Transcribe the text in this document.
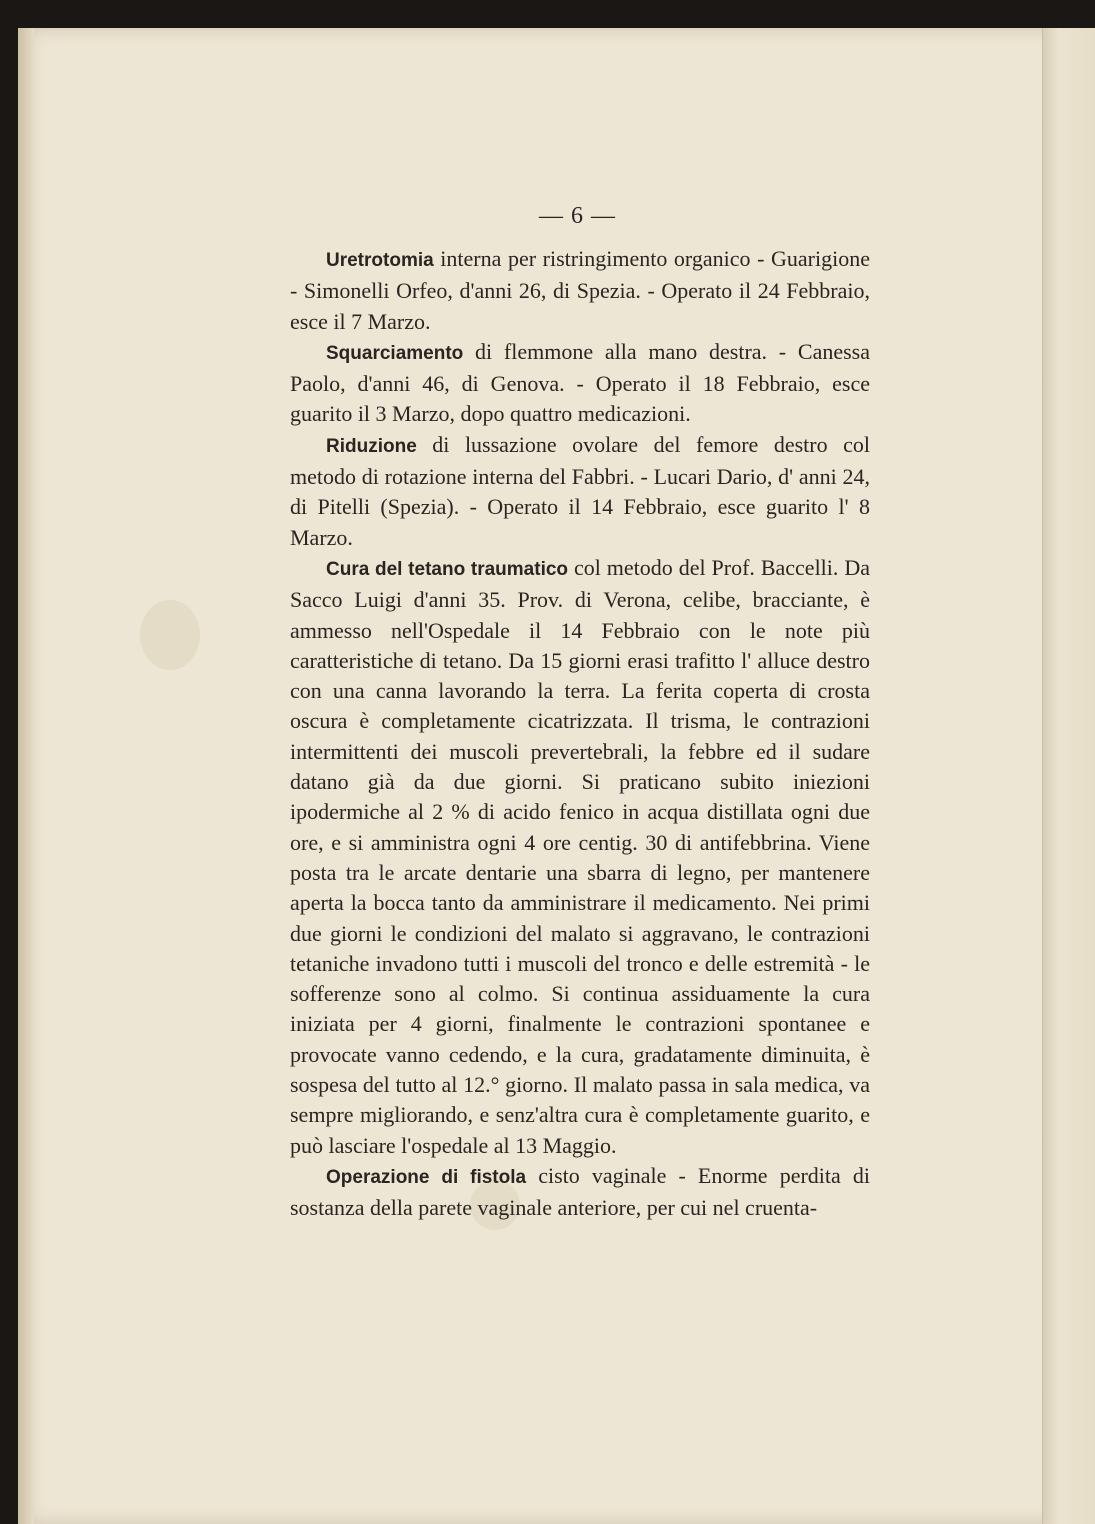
— 6 —

Uretrotomia interna per ristringimento organico - Guarigione - Simonelli Orfeo, d'anni 26, di Spezia. - Operato il 24 Febbraio, esce il 7 Marzo.

Squarciamento di flemmone alla mano destra. - Canessa Paolo, d'anni 46, di Genova. - Operato il 18 Febbraio, esce guarito il 3 Marzo, dopo quattro medicazioni.

Riduzione di lussazione ovolare del femore destro col metodo di rotazione interna del Fabbri. - Lucari Dario, d' anni 24, di Pitelli (Spezia). - Operato il 14 Febbraio, esce guarito l' 8 Marzo.

Cura del tetano traumatico col metodo del Prof. Baccelli. Da Sacco Luigi d'anni 35. Prov. di Verona, celibe, bracciante, è ammesso nell'Ospedale il 14 Febbraio con le note più caratteristiche di tetano. Da 15 giorni erasi trafitto l' alluce destro con una canna lavorando la terra. La ferita coperta di crosta oscura è completamente cicatrizzata. Il trisma, le contrazioni intermittenti dei muscoli prevertebrali, la febbre ed il sudare datano già da due giorni. Si praticano subito iniezioni ipodermiche al 2 % di acido fenico in acqua distillata ogni due ore, e si amministra ogni 4 ore centig. 30 di antifebbrina. Viene posta tra le arcate dentarie una sbarra di legno, per mantenere aperta la bocca tanto da amministrare il medicamento. Nei primi due giorni le condizioni del malato si aggravano, le contrazioni tetaniche invadono tutti i muscoli del tronco e delle estremità - le sofferenze sono al colmo. Si continua assiduamente la cura iniziata per 4 giorni, finalmente le contrazioni spontanee e provocate vanno cedendo, e la cura, gradatamente diminuita, è sospesa del tutto al 12.° giorno. Il malato passa in sala medica, va sempre migliorando, e senz'altra cura è completamente guarito, e può lasciare l'ospedale al 13 Maggio.

Operazione di fistola cisto vaginale - Enorme perdita di sostanza della parete vaginale anteriore, per cui nel cruenta-
